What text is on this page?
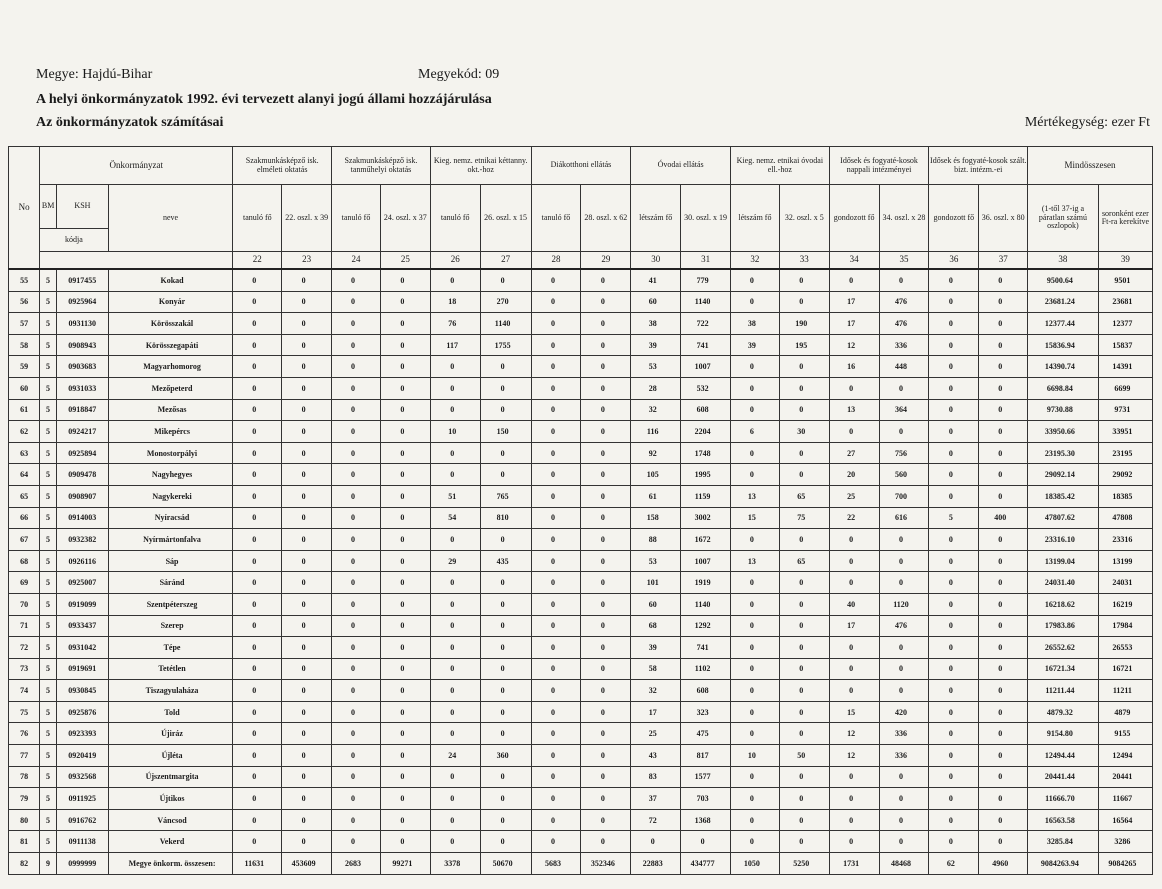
Megye: Hajdú-Bihar	Megyekód: 09
A helyi önkormányzatok 1992. évi tervezett alanyi jogú állami hozzájárulása
Az önkormányzatok számításai	Mértékegység: ezer Ft
No	Önkormányzat	Szakmunkásképző isk. elméleti oktatás	Szakmunkásképző isk. tanműhelyi oktatás	Kieg. nemz. etnikai kéttanny. okt.-hoz	Diákotthoni ellátás	Óvodai ellátás	Kieg. nemz. etnikai óvodai ell.-hoz	Idősek és fogyaté-kosok nappali intézményei	Idősek és fogyaté-kosok szált. bizt. intézm.-ei	Mindösszesen

BM	KSH
kódja
	neve	tanuló fő	22. oszl. x 39	tanuló fő	24. oszl. x 37	tanuló fő	26. oszl. x 15	tanuló fő	28. oszl. x 62	létszám fő	30. oszl. x 19	létszám fő	32. oszl. x 5	gondozott fő	34. oszl. x 28	gondozott fő	36. oszl. x 80	(1-től 37-ig a páratlan számú oszlopok)	soronként ezer Ft-ra kerekítve
	22	23	24	25	26	27	28	29	30	31	32	33	34	35	36	37	38	39
55	5	0917455	Kokad	0	0	0	0	0	0	0	0	41	779	0	0	0	0	0	0	9500.64	9501
56	5	0925964	Konyár	0	0	0	0	18	270	0	0	60	1140	0	0	17	476	0	0	23681.24	23681
57	5	0931130	Körösszakál	0	0	0	0	76	1140	0	0	38	722	38	190	17	476	0	0	12377.44	12377
58	5	0908943	Körösszegapáti	0	0	0	0	117	1755	0	0	39	741	39	195	12	336	0	0	15836.94	15837
59	5	0903683	Magyarhomorog	0	0	0	0	0	0	0	0	53	1007	0	0	16	448	0	0	14390.74	14391
60	5	0931033	Mezőpeterd	0	0	0	0	0	0	0	0	28	532	0	0	0	0	0	0	6698.84	6699
61	5	0918847	Mezősas	0	0	0	0	0	0	0	0	32	608	0	0	13	364	0	0	9730.88	9731
62	5	0924217	Mikepércs	0	0	0	0	10	150	0	0	116	2204	6	30	0	0	0	0	33950.66	33951
63	5	0925894	Monostorpályi	0	0	0	0	0	0	0	0	92	1748	0	0	27	756	0	0	23195.30	23195
64	5	0909478	Nagyhegyes	0	0	0	0	0	0	0	0	105	1995	0	0	20	560	0	0	29092.14	29092
65	5	0908907	Nagykereki	0	0	0	0	51	765	0	0	61	1159	13	65	25	700	0	0	18385.42	18385
66	5	0914003	Nyíracsád	0	0	0	0	54	810	0	0	158	3002	15	75	22	616	5	400	47807.62	47808
67	5	0932382	Nyírmártonfalva	0	0	0	0	0	0	0	0	88	1672	0	0	0	0	0	0	23316.10	23316
68	5	0926116	Sáp	0	0	0	0	29	435	0	0	53	1007	13	65	0	0	0	0	13199.04	13199
69	5	0925007	Sáránd	0	0	0	0	0	0	0	0	101	1919	0	0	0	0	0	0	24031.40	24031
70	5	0919099	Szentpéterszeg	0	0	0	0	0	0	0	0	60	1140	0	0	40	1120	0	0	16218.62	16219
71	5	0933437	Szerep	0	0	0	0	0	0	0	0	68	1292	0	0	17	476	0	0	17983.86	17984
72	5	0931042	Tépe	0	0	0	0	0	0	0	0	39	741	0	0	0	0	0	0	26552.62	26553
73	5	0919691	Tetétlen	0	0	0	0	0	0	0	0	58	1102	0	0	0	0	0	0	16721.34	16721
74	5	0930845	Tiszagyulaháza	0	0	0	0	0	0	0	0	32	608	0	0	0	0	0	0	11211.44	11211
75	5	0925876	Told	0	0	0	0	0	0	0	0	17	323	0	0	15	420	0	0	4879.32	4879
76	5	0923393	Újiráz	0	0	0	0	0	0	0	0	25	475	0	0	12	336	0	0	9154.80	9155
77	5	0920419	Újléta	0	0	0	0	24	360	0	0	43	817	10	50	12	336	0	0	12494.44	12494
78	5	0932568	Újszentmargita	0	0	0	0	0	0	0	0	83	1577	0	0	0	0	0	0	20441.44	20441
79	5	0911925	Újtikos	0	0	0	0	0	0	0	0	37	703	0	0	0	0	0	0	11666.70	11667
80	5	0916762	Váncsod	0	0	0	0	0	0	0	0	72	1368	0	0	0	0	0	0	16563.58	16564
81	5	0911138	Vekerd	0	0	0	0	0	0	0	0	0	0	0	0	0	0	0	0	3285.84	3286
82	9	0999999	Megye önkorm. összesen:	11631	453609	2683	99271	3378	50670	5683	352346	22883	434777	1050	5250	1731	48468	62	4960	9084263.94	9084265
